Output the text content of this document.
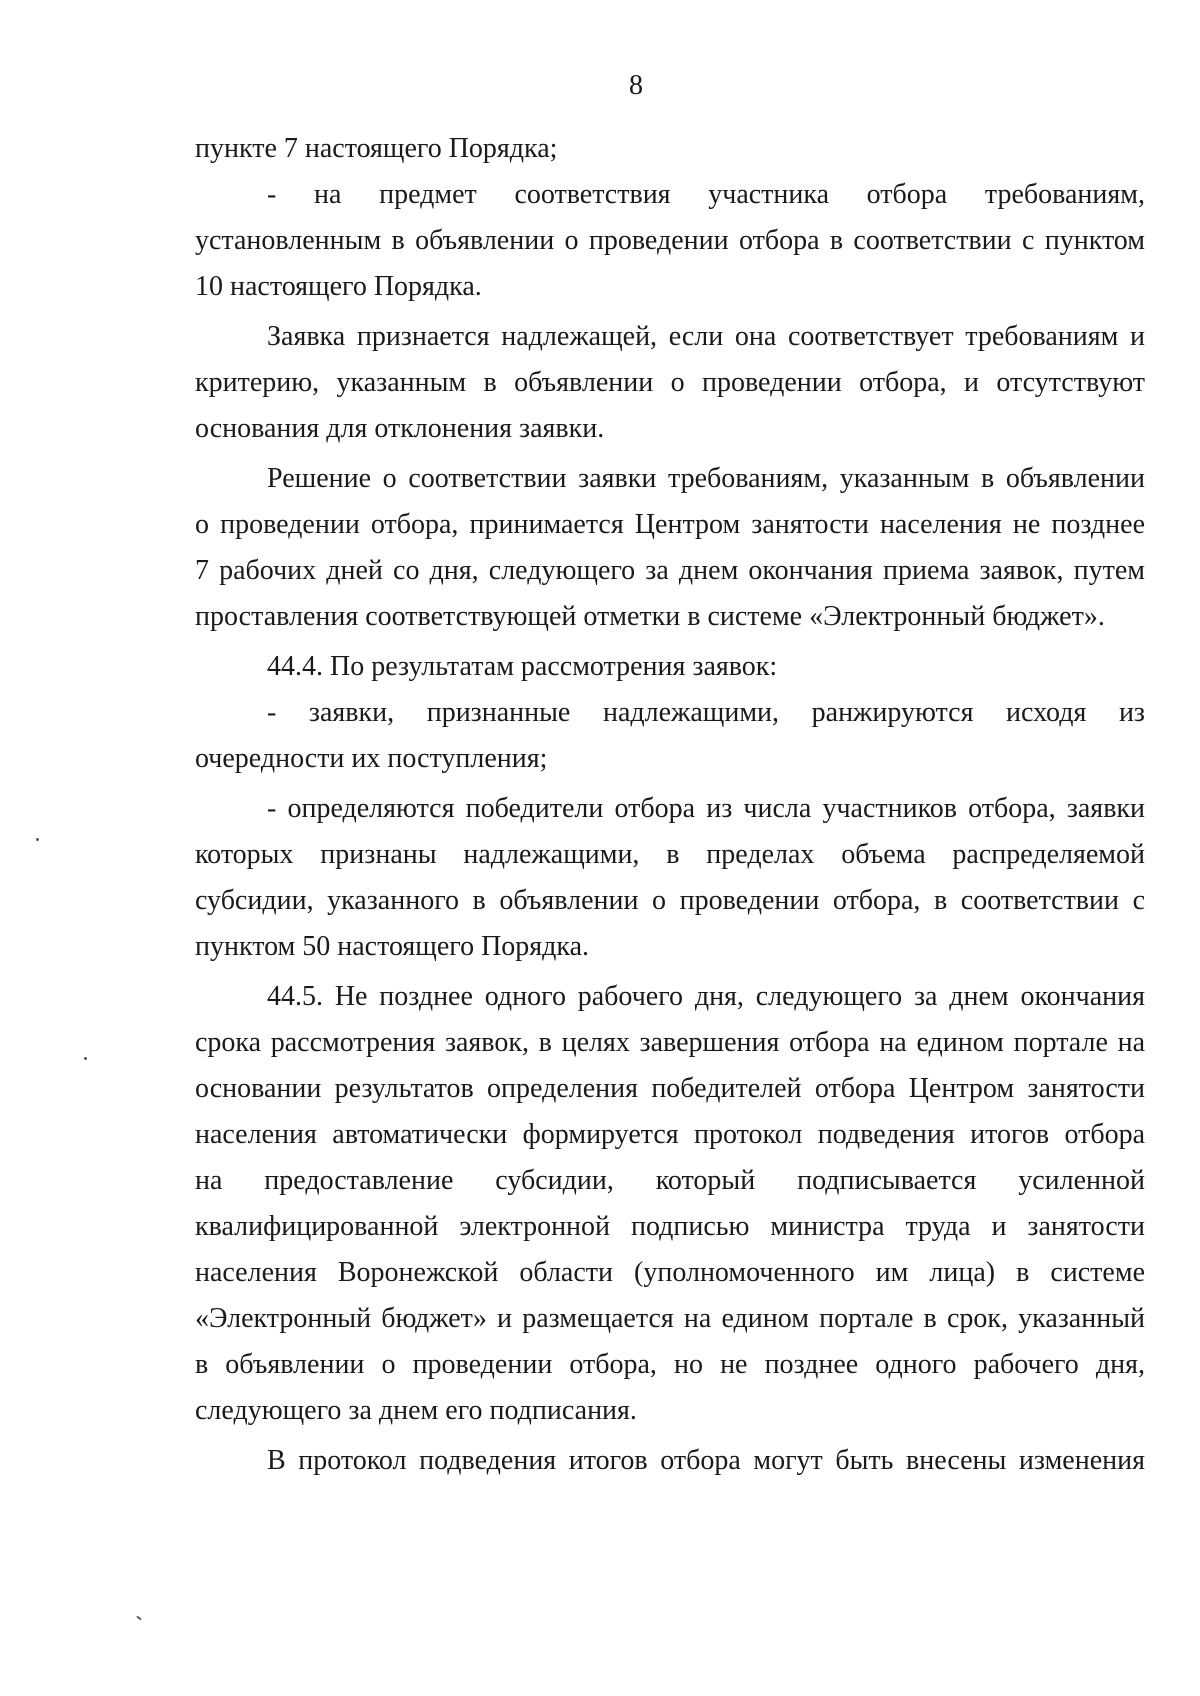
8
пункте 7 настоящего Порядка;
- на предмет соответствия участника отбора требованиям,
установленным в объявлении о проведении отбора в соответствии с пунктом
10 настоящего Порядка.
Заявка признается надлежащей, если она соответствует требованиям и
критерию, указанным в объявлении о проведении отбора, и отсутствуют
основания для отклонения заявки.
Решение о соответствии заявки требованиям, указанным в объявлении
о проведении отбора, принимается Центром занятости населения не позднее
7 рабочих дней со дня, следующего за днем окончания приема заявок, путем
проставления соответствующей отметки в системе «Электронный бюджет».
44.4. По результатам рассмотрения заявок:
- заявки, признанные надлежащими, ранжируются исходя из
очередности их поступления;
- определяются победители отбора из числа участников отбора, заявки
которых признаны надлежащими, в пределах объема распределяемой
субсидии, указанного в объявлении о проведении отбора, в соответствии с
пунктом 50 настоящего Порядка.
44.5. Не позднее одного рабочего дня, следующего за днем окончания
срока рассмотрения заявок, в целях завершения отбора на едином портале на
основании результатов определения победителей отбора Центром занятости
населения автоматически формируется протокол подведения итогов отбора
на предоставление субсидии, который подписывается усиленной
квалифицированной электронной подписью министра труда и занятости
населения Воронежской области (уполномоченного им лица) в системе
«Электронный бюджет» и размещается на едином портале в срок, указанный
в объявлении о проведении отбора, но не позднее одного рабочего дня,
следующего за днем его подписания.
В протокол подведения итогов отбора могут быть внесены изменения
